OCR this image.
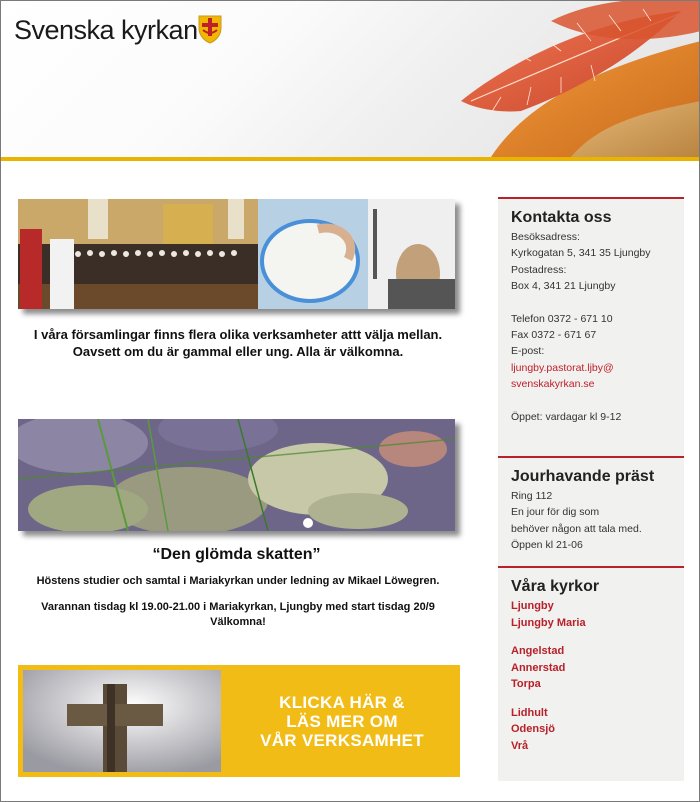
Svenska kyrkan
I våra församlingar finns flera olika verksamheter attt välja mellan. Oavsett om du är gammal eller ung. Alla är välkomna.
“Den glömda skatten”
Höstens studier och samtal i Mariakyrkan under ledning av Mikael Löwegren.
Varannan tisdag kl 19.00-21.00 i Mariakyrkan, Ljungby med start tisdag 20/9
Välkomna!
KLICKA HÄR &
LÄS MER OM
VÅR VERKSAMHET
Kontakta oss
Besöksadress:
Kyrkogatan 5, 341 35 Ljungby
Postadress:
Box 4, 341 21 Ljungby
Telefon 0372 - 671 10
Fax 0372 - 671 67
E-post:
ljungby.pastorat.ljby@
svenskakyrkan.se
Öppet: vardagar kl 9-12
Jourhavande präst
Ring 112
En jour för dig som
behöver någon att tala med.
Öppen kl 21-06
Våra kyrkor
Ljungby
Ljungby Maria
Angelstad
Annerstad
Torpa
Lidhult
Odensjö
Vrå
